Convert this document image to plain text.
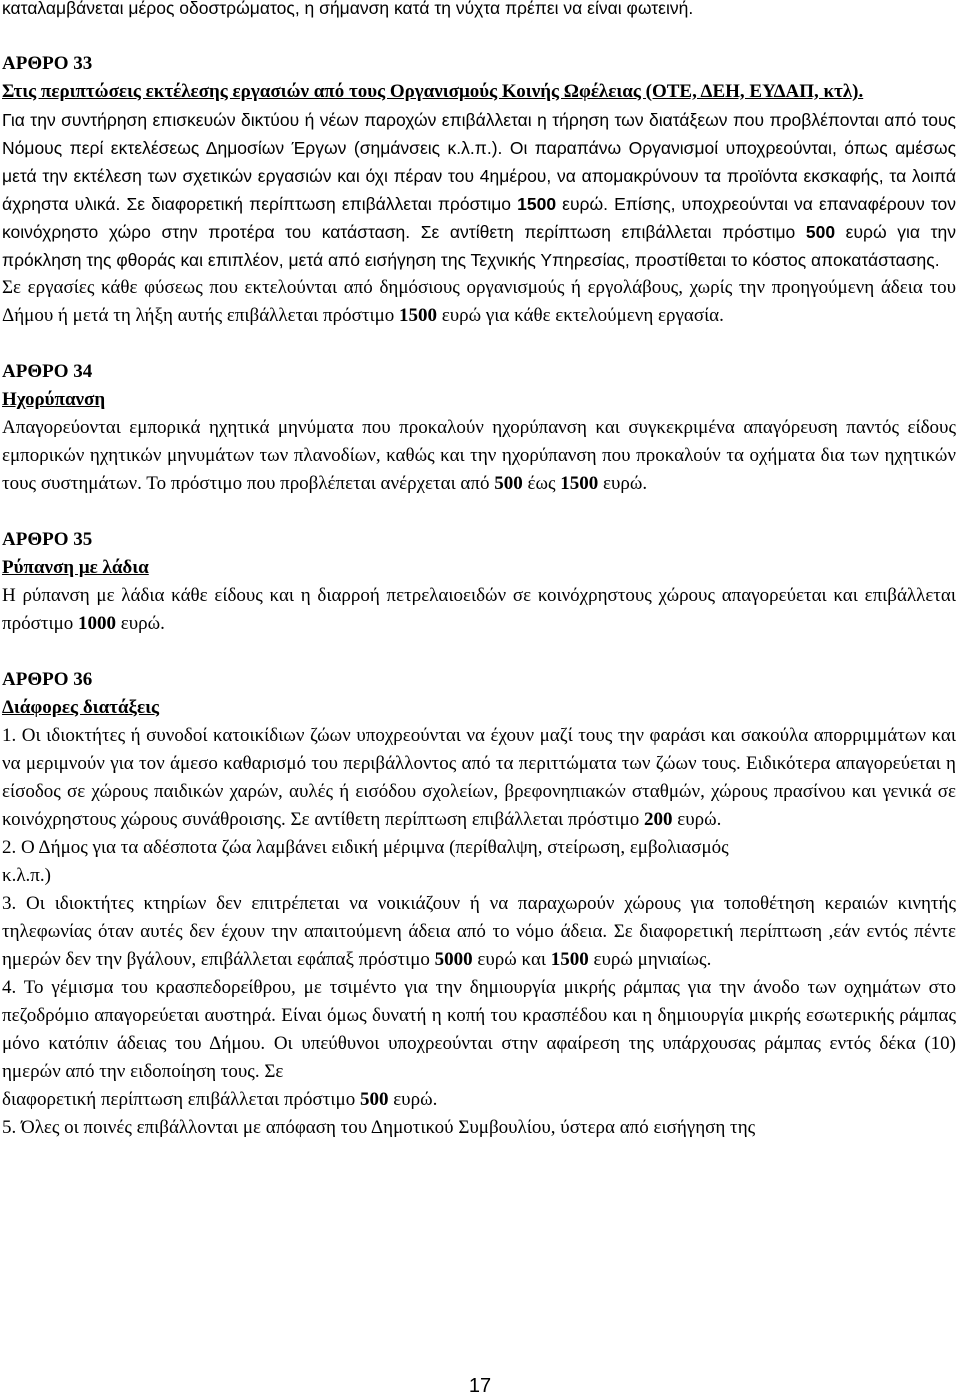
καταλαμβάνεται μέρος οδοστρώματος, η σήμανση κατά τη νύχτα πρέπει να είναι φωτεινή.
ΑΡΘΡΟ 33
Στις περιπτώσεις εκτέλεσης εργασιών από τους Οργανισμούς Κοινής Ωφέλειας (ΟΤΕ, ΔΕΗ, ΕΥΔΑΠ, κτλ).
Για την συντήρηση επισκευών δικτύου ή νέων παροχών επιβάλλεται η τήρηση των διατάξεων που προβλέπονται από τους Νόμους περί εκτελέσεως Δημοσίων Έργων (σημάνσεις κ.λ.π.). Οι παραπάνω Οργανισμοί υποχρεούνται, όπως αμέσως μετά την εκτέλεση των σχετικών εργασιών και όχι πέραν του 4ημέρου, να απομακρύνουν τα προϊόντα εκσκαφής, τα λοιπά άχρηστα υλικά. Σε διαφορετική περίπτωση επιβάλλεται πρόστιμο 1500 ευρώ. Επίσης, υποχρεούνται να επαναφέρουν τον κοινόχρηστο χώρο στην προτέρα του κατάσταση. Σε αντίθετη περίπτωση επιβάλλεται πρόστιμο 500 ευρώ για την πρόκληση της φθοράς και επιπλέον, μετά από εισήγηση της Τεχνικής Υπηρεσίας, προστίθεται το κόστος αποκατάστασης.
Σε εργασίες κάθε φύσεως που εκτελούνται από δημόσιους οργανισμούς ή εργολάβους, χωρίς την προηγούμενη άδεια του Δήμου ή μετά τη λήξη αυτής επιβάλλεται πρόστιμο 1500 ευρώ για κάθε εκτελούμενη εργασία.
ΑΡΘΡΟ 34
Ηχορύπανση
Απαγορεύονται εμπορικά ηχητικά μηνύματα που προκαλούν ηχορύπανση και συγκεκριμένα απαγόρευση παντός είδους εμπορικών ηχητικών μηνυμάτων των πλανοδίων, καθώς και την ηχορύπανση που προκαλούν τα οχήματα δια των ηχητικών τους συστημάτων. Το πρόστιμο που προβλέπεται ανέρχεται από 500 έως 1500 ευρώ.
ΑΡΘΡΟ 35
Ρύπανση με λάδια
Η ρύπανση με λάδια κάθε είδους και η διαρροή πετρελαιοειδών σε κοινόχρηστους χώρους απαγορεύεται και επιβάλλεται πρόστιμο 1000 ευρώ.
ΑΡΘΡΟ 36
Διάφορες διατάξεις
1. Οι ιδιοκτήτες ή συνοδοί κατοικίδιων ζώων υποχρεούνται να έχουν μαζί τους την φαράσι και σακούλα απορριμμάτων και να μεριμνούν για τον άμεσο καθαρισμό του περιβάλλοντος από τα περιττώματα των ζώων τους. Ειδικότερα απαγορεύεται η είσοδος σε χώρους παιδικών χαρών, αυλές ή εισόδου σχολείων, βρεφονηπιακών σταθμών, χώρους πρασίνου και γενικά σε κοινόχρηστους χώρους συνάθροισης. Σε αντίθετη περίπτωση επιβάλλεται πρόστιμο 200 ευρώ.
2. Ο Δήμος για τα αδέσποτα ζώα λαμβάνει ειδική μέριμνα (περίθαλψη, στείρωση, εμβολιασμός
κ.λ.π.)
3. Οι ιδιοκτήτες κτηρίων δεν επιτρέπεται να νοικιάζουν ή να παραχωρούν χώρους για τοποθέτηση κεραιών κινητής τηλεφωνίας όταν αυτές δεν έχουν την απαιτούμενη άδεια από το νόμο άδεια. Σε διαφορετική περίπτωση ,εάν εντός πέντε ημερών δεν την βγάλουν, επιβάλλεται εφάπαξ πρόστιμο 5000 ευρώ και 1500 ευρώ μηνιαίως.
4. Το γέμισμα του κρασπεδορείθρου, με τσιμέντο για την δημιουργία μικρής ράμπας για την άνοδο των οχημάτων στο πεζοδρόμιο απαγορεύεται αυστηρά. Είναι όμως δυνατή η κοπή του κρασπέδου και η δημιουργία μικρής εσωτερικής ράμπας μόνο κατόπιν άδειας του Δήμου. Οι υπεύθυνοι υποχρεούνται στην αφαίρεση της υπάρχουσας ράμπας εντός δέκα (10) ημερών από την ειδοποίηση τους. Σε
διαφορετική περίπτωση επιβάλλεται πρόστιμο 500 ευρώ.
5. Όλες οι ποινές επιβάλλονται με απόφαση του Δημοτικού Συμβουλίου, ύστερα από εισήγηση της
17
